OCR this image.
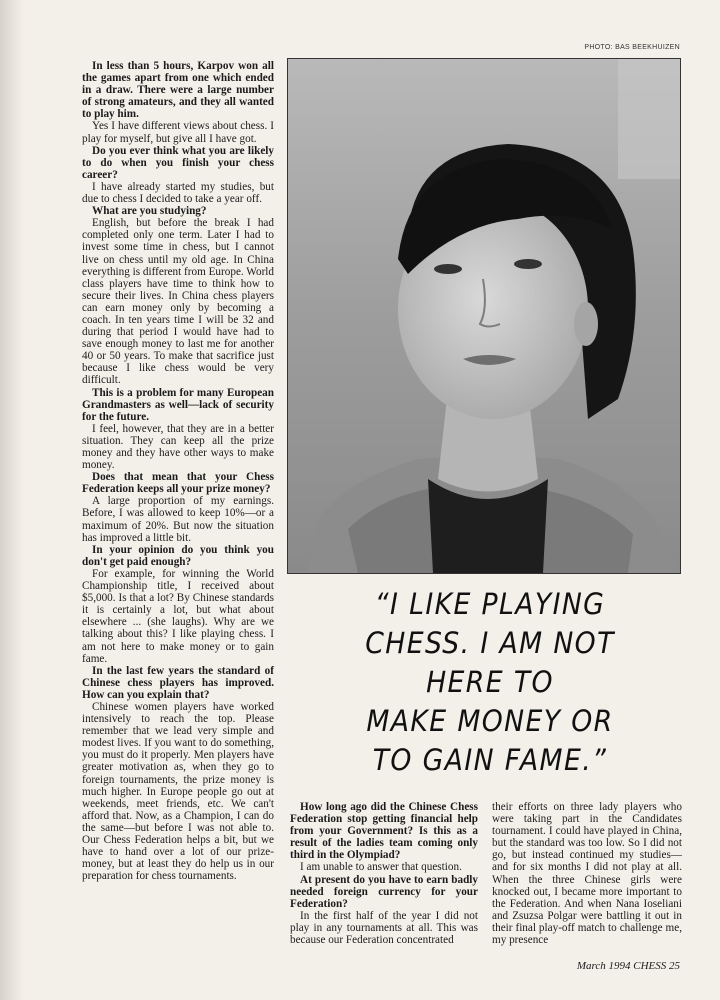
PHOTO: BAS BEEKHUIZEN

In less than 5 hours, Karpov won all the games apart from one which ended in a draw. There were a large number of strong amateurs, and they all wanted to play him.

Yes I have different views about chess. I play for myself, but give all I have got.

Do you ever think what you are likely to do when you finish your chess career?

I have already started my studies, but due to chess I decided to take a year off.

What are you studying?

English, but before the break I had completed only one term. Later I had to invest some time in chess, but I cannot live on chess until my old age. In China everything is different from Europe. World class players have time to think how to secure their lives. In China chess players can earn money only by becoming a coach. In ten years time I will be 32 and during that period I would have had to save enough money to last me for another 40 or 50 years. To make that sacrifice just because I like chess would be very difficult.

This is a problem for many European Grandmasters as well—lack of security for the future.

I feel, however, that they are in a better situation. They can keep all the prize money and they have other ways to make money.

Does that mean that your Chess Federation keeps all your prize money?

A large proportion of my earnings. Before, I was allowed to keep 10%—or a maximum of 20%. But now the situation has improved a little bit.

In your opinion do you think you don't get paid enough?

For example, for winning the World Championship title, I received about $5,000. Is that a lot? By Chinese standards it is certainly a lot, but what about elsewhere ... (she laughs). Why are we talking about this? I like playing chess. I am not here to make money or to gain fame.

In the last few years the standard of Chinese chess players has improved. How can you explain that?

Chinese women players have worked intensively to reach the top. Please remember that we lead very simple and modest lives. If you want to do something, you must do it properly. Men players have greater motivation as, when they go to foreign tournaments, the prize money is much higher. In Europe people go out at weekends, meet friends, etc. We can't afford that. Now, as a Champion, I can do the same—but before I was not able to. Our Chess Federation helps a bit, but we have to hand over a lot of our prize-money, but at least they do help us in our preparation for chess tournaments.

“I LIKE PLAYING
CHESS. I AM NOT
HERE TO
MAKE MONEY OR
TO GAIN FAME.”

How long ago did the Chinese Chess Federation stop getting financial help from your Government? Is this as a result of the ladies team coming only third in the Olympiad?

I am unable to answer that question.

At present do you have to earn badly needed foreign currency for your Federation?

In the first half of the year I did not play in any tournaments at all. This was because our Federation concentrated

their efforts on three lady players who were taking part in the Candidates tournament. I could have played in China, but the standard was too low. So I did not go, but instead continued my studies—and for six months I did not play at all. When the three Chinese girls were knocked out, I became more important to the Federation. And when Nana Ioseliani and Zsuzsa Polgar were battling it out in their final play-off match to challenge me, my presence

March 1994 CHESS 25
